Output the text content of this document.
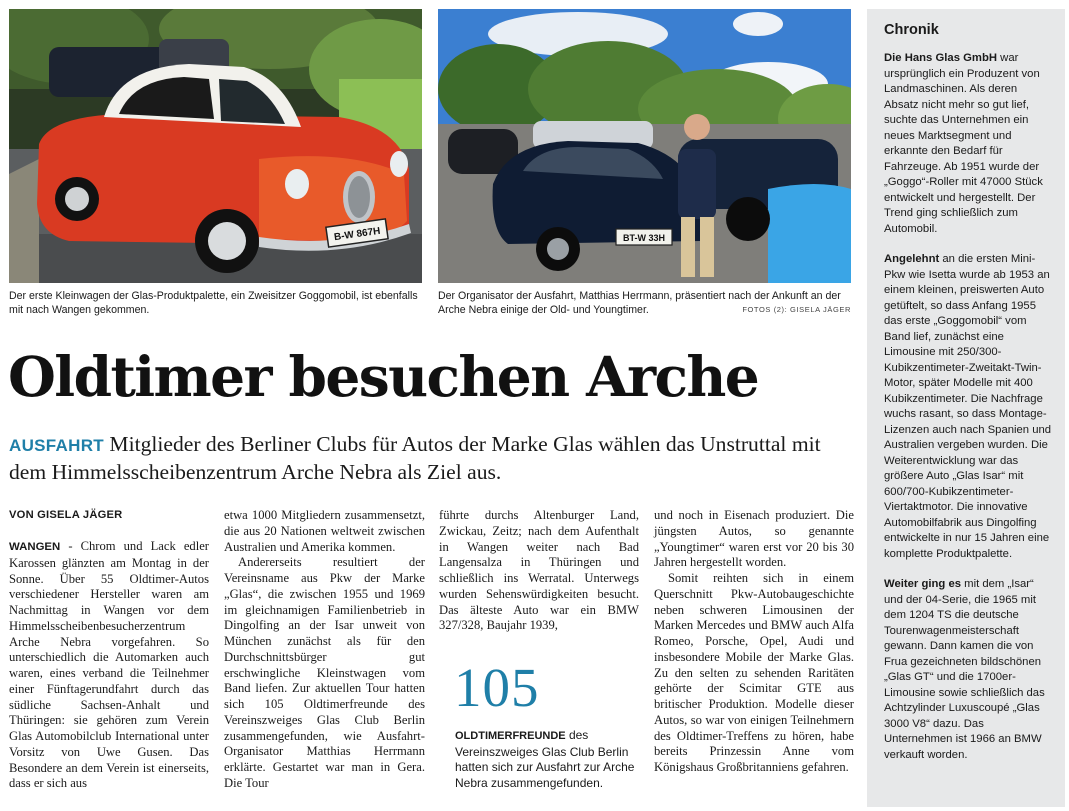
B-W 867H
Der erste Kleinwagen der Glas-Produktpalette, ein Zweisitzer Goggomobil, ist ebenfalls mit nach Wangen gekommen.
BT-W 33H
Der Organisator der Ausfahrt, Matthias Herrmann, präsentiert nach der Ankunft an der Arche Nebra einige der Old- und Youngtimer.	FOTOS (2): GISELA JÄGER
Oldtimer besuchen Arche
AUSFAHRT Mitglieder des Berliner Clubs für Autos der Marke Glas wählen das Unstruttal mit dem Himmelsscheibenzentrum Arche Nebra als Ziel aus.
VON GISELA JÄGER

WANGEN - Chrom und Lack edler Karossen glänzten am Montag in der Sonne. Über 55 Oldtimer-Autos verschiedener Hersteller waren am Nachmittag in Wangen vor dem Himmelsscheibenbesucherzentrum Arche Nebra vorgefahren. So unterschiedlich die Automarken auch waren, eines verband die Teilnehmer einer Fünftagerundfahrt durch das südliche Sachsen-Anhalt und Thüringen: sie gehören zum Verein Glas Automobilclub International unter Vorsitz von Uwe Gusen. Das Besondere an dem Verein ist einerseits, dass er sich aus

etwa 1000 Mitgliedern zusammensetzt, die aus 20 Nationen weltweit zwischen Australien und Amerika kommen.

Andererseits resultiert der Vereinsname aus Pkw der Marke „Glas“, die zwischen 1955 und 1969 im gleichnamigen Familienbetrieb in Dingolfing an der Isar unweit von München zunächst als für den Durchschnittsbürger gut erschwingliche Kleinstwagen vom Band liefen. Zur aktuellen Tour hatten sich 105 Oldtimerfreunde des Vereinszweiges Glas Club Berlin zusammengefunden, wie Ausfahrt-Organisator Matthias Herrmann erklärte. Gestartet war man in Gera. Die Tour

führte durchs Altenburger Land, Zwickau, Zeitz; nach dem Aufenthalt in Wangen weiter nach Bad Langensalza in Thüringen und schließlich ins Werratal. Unterwegs wurden Sehenswürdigkeiten besucht. Das älteste Auto war ein BMW 327/328, Baujahr 1939,

und noch in Eisenach produziert. Die jüngsten Autos, so genannte „Youngtimer“ waren erst vor 20 bis 30 Jahren hergestellt worden.

Somit reihten sich in einem Querschnitt Pkw-Autobaugeschichte neben schweren Limousinen der Marken Mercedes und BMW auch Alfa Romeo, Porsche, Opel, Audi und insbesondere Mobile der Marke Glas. Zu den selten zu sehenden Raritäten gehörte der Scimitar GTE aus britischer Produktion. Modelle dieser Autos, so war von einigen Teilnehmern des Oldtimer-Treffens zu hören, habe bereits Prinzessin Anne vom Königshaus Großbritanniens gefahren.

105
OLDTIMERFREUNDE des Vereinszweiges Glas Club Berlin hatten sich zur Ausfahrt zur Arche Nebra zusammengefunden.
Chronik

Die Hans Glas GmbH war ursprünglich ein Produzent von Landmaschinen. Als deren Absatz nicht mehr so gut lief, suchte das Unternehmen ein neues Marktsegment und erkannte den Bedarf für Fahrzeuge. Ab 1951 wurde der „Goggo“-Roller mit 47000 Stück entwickelt und hergestellt. Der Trend ging schließlich zum Automobil.

Angelehnt an die ersten Mini-Pkw wie Isetta wurde ab 1953 an einem kleinen, preiswerten Auto getüftelt, so dass Anfang 1955 das erste „Goggomobil“ vom Band lief, zunächst eine Limousine mit 250/300-Kubikzentimeter-Zweitakt-Twin-Motor, später Modelle mit 400 Kubikzentimeter. Die Nachfrage wuchs rasant, so dass Montage-Lizenzen auch nach Spanien und Australien vergeben wurden. Die Weiterentwicklung war das größere Auto „Glas Isar“ mit 600/700-Kubikzentimeter-Viertaktmotor. Die innovative Automobilfabrik aus Dingolfing entwickelte in nur 15 Jahren eine komplette Produktpalette.

Weiter ging es mit dem „Isar“ und der 04-Serie, die 1965 mit dem 1204 TS die deutsche Tourenwagenmeisterschaft gewann. Dann kamen die von Frua gezeichneten bildschönen „Glas GT“ und die 1700er-Limousine sowie schließlich das Achtzylinder Luxuscoupé „Glas 3000 V8“ dazu. Das Unternehmen ist 1966 an BMW verkauft worden.
